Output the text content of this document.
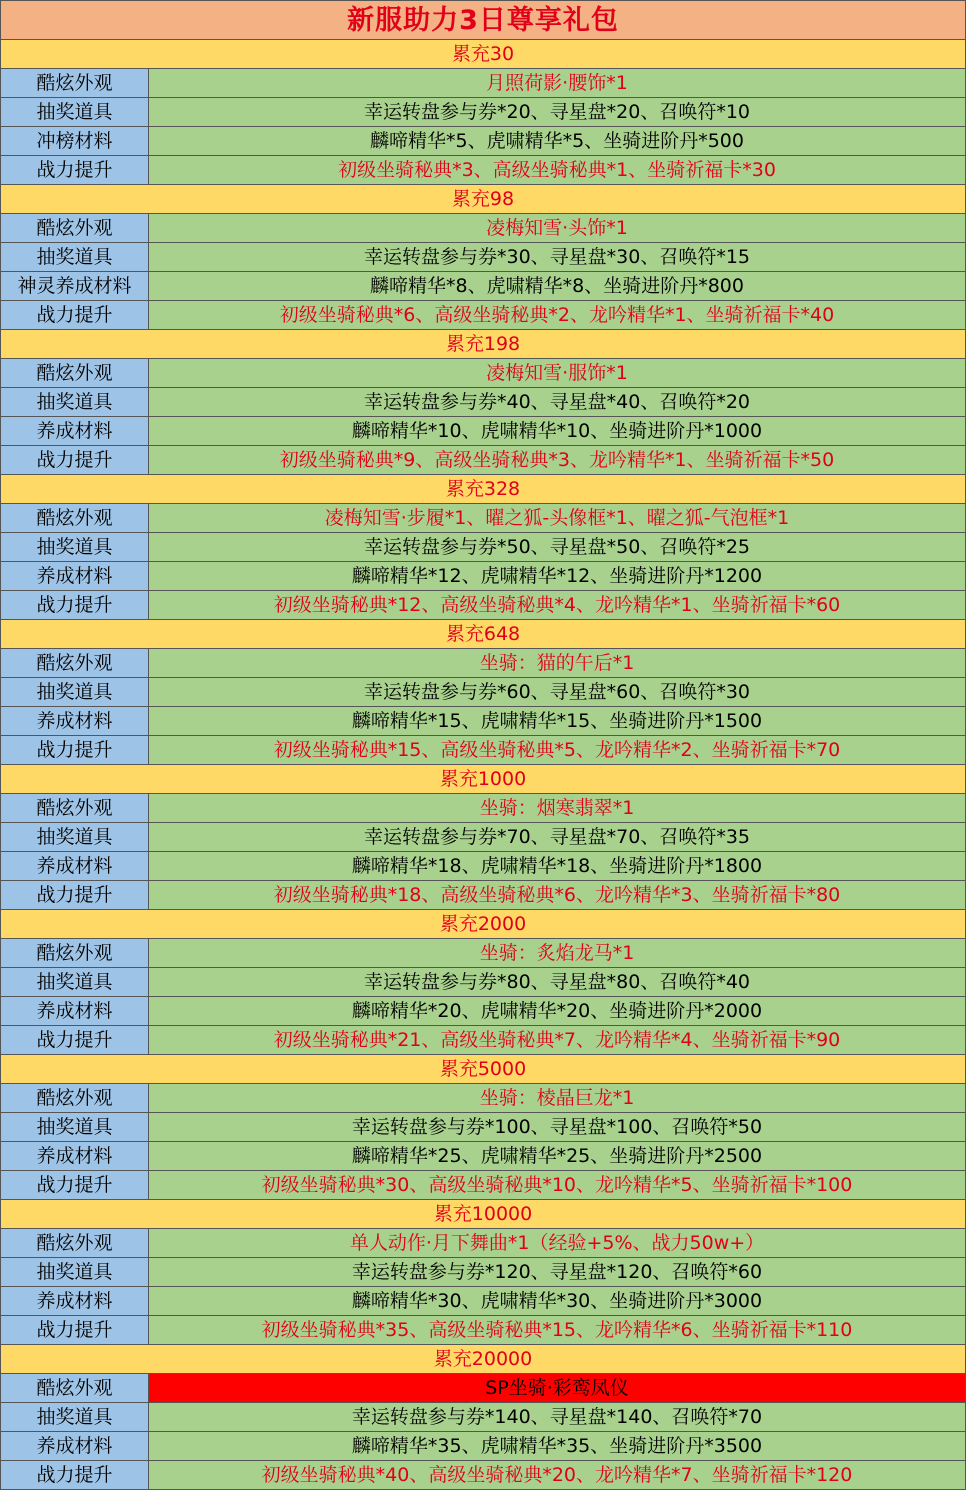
新服助力3日尊享礼包
累充30
酷炫外观	月照荷影·腰饰*1
抽奖道具	幸运转盘参与券*20、寻星盘*20、召唤符*10
冲榜材料	麟啼精华*5、虎啸精华*5、坐骑进阶丹*500
战力提升	初级坐骑秘典*3、高级坐骑秘典*1、坐骑祈福卡*30
累充98
酷炫外观	凌梅知雪·头饰*1
抽奖道具	幸运转盘参与券*30、寻星盘*30、召唤符*15
神灵养成材料	麟啼精华*8、虎啸精华*8、坐骑进阶丹*800
战力提升	初级坐骑秘典*6、高级坐骑秘典*2、龙吟精华*1、坐骑祈福卡*40
累充198
酷炫外观	凌梅知雪·服饰*1
抽奖道具	幸运转盘参与券*40、寻星盘*40、召唤符*20
养成材料	麟啼精华*10、虎啸精华*10、坐骑进阶丹*1000
战力提升	初级坐骑秘典*9、高级坐骑秘典*3、龙吟精华*1、坐骑祈福卡*50
累充328
酷炫外观	凌梅知雪·步履*1、曜之狐-头像框*1、曜之狐-气泡框*1
抽奖道具	幸运转盘参与券*50、寻星盘*50、召唤符*25
养成材料	麟啼精华*12、虎啸精华*12、坐骑进阶丹*1200
战力提升	初级坐骑秘典*12、高级坐骑秘典*4、龙吟精华*1、坐骑祈福卡*60
累充648
酷炫外观	坐骑：猫的午后*1
抽奖道具	幸运转盘参与券*60、寻星盘*60、召唤符*30
养成材料	麟啼精华*15、虎啸精华*15、坐骑进阶丹*1500
战力提升	初级坐骑秘典*15、高级坐骑秘典*5、龙吟精华*2、坐骑祈福卡*70
累充1000
酷炫外观	坐骑：烟寒翡翠*1
抽奖道具	幸运转盘参与券*70、寻星盘*70、召唤符*35
养成材料	麟啼精华*18、虎啸精华*18、坐骑进阶丹*1800
战力提升	初级坐骑秘典*18、高级坐骑秘典*6、龙吟精华*3、坐骑祈福卡*80
累充2000
酷炫外观	坐骑：炙焰龙马*1
抽奖道具	幸运转盘参与券*80、寻星盘*80、召唤符*40
养成材料	麟啼精华*20、虎啸精华*20、坐骑进阶丹*2000
战力提升	初级坐骑秘典*21、高级坐骑秘典*7、龙吟精华*4、坐骑祈福卡*90
累充5000
酷炫外观	坐骑：棱晶巨龙*1
抽奖道具	幸运转盘参与券*100、寻星盘*100、召唤符*50
养成材料	麟啼精华*25、虎啸精华*25、坐骑进阶丹*2500
战力提升	初级坐骑秘典*30、高级坐骑秘典*10、龙吟精华*5、坐骑祈福卡*100
累充10000
酷炫外观	单人动作·月下舞曲*1（经验+5%、战力50w+）
抽奖道具	幸运转盘参与券*120、寻星盘*120、召唤符*60
养成材料	麟啼精华*30、虎啸精华*30、坐骑进阶丹*3000
战力提升	初级坐骑秘典*35、高级坐骑秘典*15、龙吟精华*6、坐骑祈福卡*110
累充20000
酷炫外观	SP坐骑·彩鸾凤仪
抽奖道具	幸运转盘参与券*140、寻星盘*140、召唤符*70
养成材料	麟啼精华*35、虎啸精华*35、坐骑进阶丹*3500
战力提升	初级坐骑秘典*40、高级坐骑秘典*20、龙吟精华*7、坐骑祈福卡*120
